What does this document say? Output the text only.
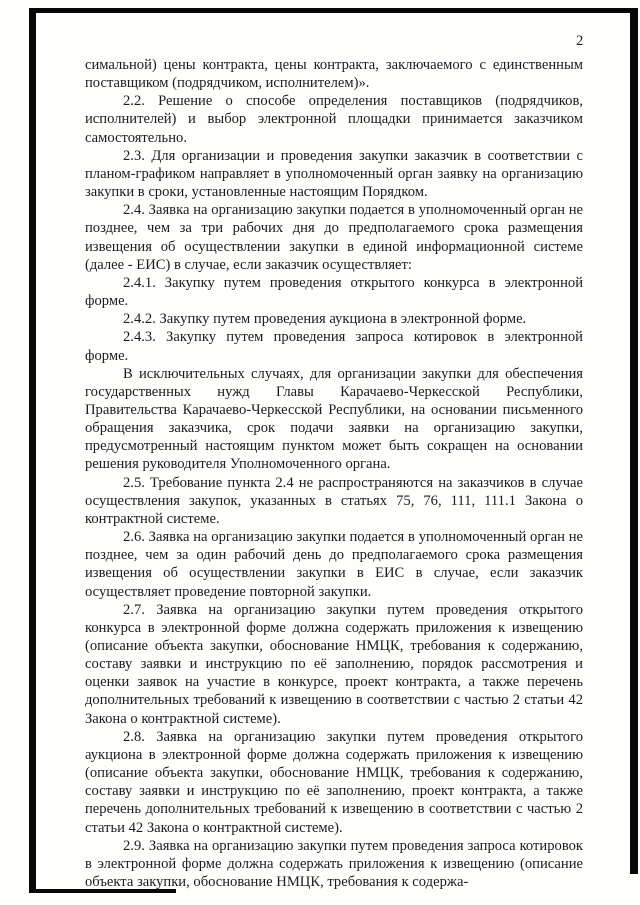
2

симальной) цены контракта, цены контракта, заключаемого с единственным поставщиком (подрядчиком, исполнителем)».

2.2. Решение о способе определения поставщиков (подрядчиков, исполнителей) и выбор электронной площадки принимается заказчиком самостоятельно.

2.3. Для организации и проведения закупки заказчик в соответствии с планом-графиком направляет в уполномоченный орган заявку на организацию закупки в сроки, установленные настоящим Порядком.

2.4. Заявка на организацию закупки подается в уполномоченный орган не позднее, чем за три рабочих дня до предполагаемого срока размещения извещения об осуществлении закупки в единой информационной системе (далее - ЕИС) в случае, если заказчик осуществляет:

2.4.1. Закупку путем проведения открытого конкурса в электронной форме.

2.4.2. Закупку путем проведения аукциона в электронной форме.

2.4.3. Закупку путем проведения запроса котировок в электронной форме.

В исключительных случаях, для организации закупки для обеспечения государственных нужд Главы Карачаево-Черкесской Республики, Правительства Карачаево-Черкесской Республики, на основании письменного обращения заказчика, срок подачи заявки на организацию закупки, предусмотренный настоящим пунктом может быть сокращен на основании решения руководителя Уполномоченного органа.

2.5. Требование пункта 2.4 не распространяются на заказчиков в случае осуществления закупок, указанных в статьях 75, 76, 111, 111.1 Закона о контрактной системе.

2.6. Заявка на организацию закупки подается в уполномоченный орган не позднее, чем за один рабочий день до предполагаемого срока размещения извещения об осуществлении закупки в ЕИС в случае, если заказчик осуществляет проведение повторной закупки.

2.7. Заявка на организацию закупки путем проведения открытого конкурса в электронной форме должна содержать приложения к извещению (описание объекта закупки, обоснование НМЦК, требования к содержанию, составу заявки и инструкцию по её заполнению, порядок рассмотрения и оценки заявок на участие в конкурсе, проект контракта, а также перечень дополнительных требований к извещению в соответствии с частью 2 статьи 42 Закона о контрактной системе).

2.8. Заявка на организацию закупки путем проведения открытого аукциона в электронной форме должна содержать приложения к извещению (описание объекта закупки, обоснование НМЦК, требования к содержанию, составу заявки и инструкцию по её заполнению, проект контракта, а также перечень дополнительных требований к извещению в соответствии с частью 2 статьи 42 Закона о контрактной системе).

2.9. Заявка на организацию закупки путем проведения запроса котировок в электронной форме должна содержать приложения к извещению (описание объекта закупки, обоснование НМЦК, требования к содержа-
